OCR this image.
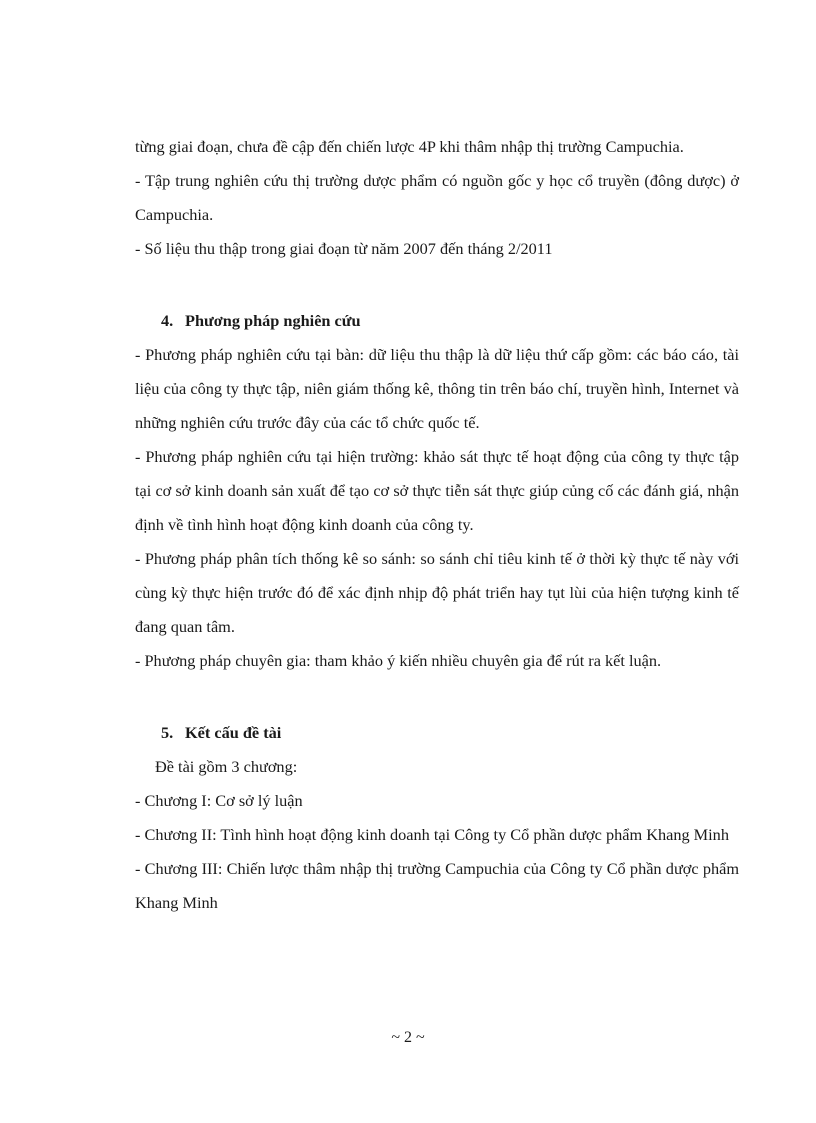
từng giai đoạn, chưa đề cập đến chiến lược 4P khi thâm nhập thị trường Campuchia.

- Tập trung nghiên cứu thị trường dược phẩm có nguồn gốc y học cổ truyền (đông dược) ở Campuchia.

- Số liệu thu thập trong giai đoạn từ năm 2007 đến tháng 2/2011

4. Phương pháp nghiên cứu

- Phương pháp nghiên cứu tại bàn: dữ liệu thu thập là dữ liệu thứ cấp gồm: các báo cáo, tài liệu của công ty thực tập, niên giám thống kê, thông tin trên báo chí, truyền hình, Internet và những nghiên cứu trước đây của các tổ chức quốc tế.

- Phương pháp nghiên cứu tại hiện trường: khảo sát thực tế hoạt động của công ty thực tập tại cơ sở kinh doanh sản xuất để tạo cơ sở thực tiễn sát thực giúp củng cố các đánh giá, nhận định về tình hình hoạt động kinh doanh của công ty.

- Phương pháp phân tích thống kê so sánh: so sánh chỉ tiêu kinh tế ở thời kỳ thực tế này với cùng kỳ thực hiện trước đó để xác định nhịp độ phát triển hay tụt lùi của hiện tượng kinh tế đang quan tâm.

- Phương pháp chuyên gia: tham khảo ý kiến nhiều chuyên gia để rút ra kết luận.

5. Kết cấu đề tài

Đề tài gồm 3 chương:

- Chương I: Cơ sở lý luận

- Chương II: Tình hình hoạt động kinh doanh tại Công ty Cổ phần dược phẩm Khang Minh

- Chương III: Chiến lược thâm nhập thị trường Campuchia của Công ty Cổ phần dược phẩm Khang Minh

~ 2 ~
